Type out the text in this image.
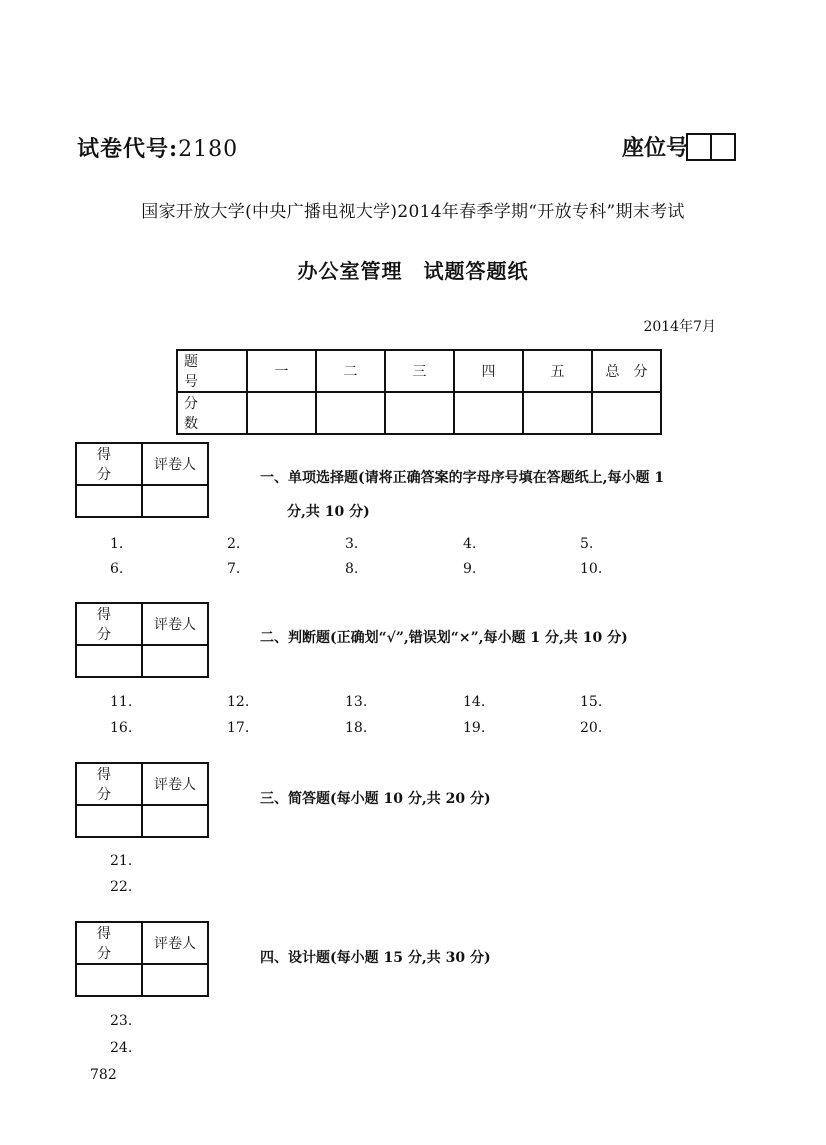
试卷代号:2180	座位号
国家开放大学(中央广播电视大学)2014年春季学期“开放专科”期末考试
办公室管理　试题答题纸
2014年7月
题　号	一	二	三	四	五	总　分
分　数						
得　分	评卷人

一、单项选择题(请将正确答案的字母序号填在答题纸上,每小题 1
分,共 10 分)
1.	2.	3.	4.	5.
6.	7.	8.	9.	10.
得　分	评卷人

二、判断题(正确划“√”,错误划“×”,每小题 1 分,共 10 分)
11.	12.	13.	14.	15.
16.	17.	18.	19.	20.
得　分	评卷人

三、简答题(每小题 10 分,共 20 分)
21.
22.
得　分	评卷人

四、设计题(每小题 15 分,共 30 分)
23.
24.
782
